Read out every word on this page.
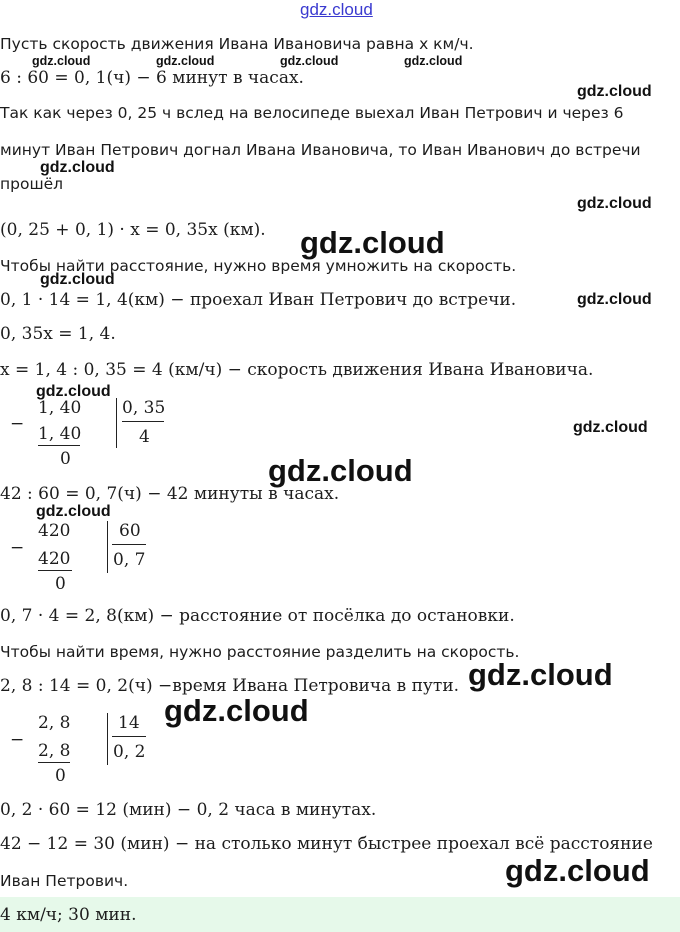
gdz.cloud
gdz.cloud	gdz.cloud	gdz.cloud	gdz.cloud
gdz.cloud
gdz.cloud
gdz.cloud
gdz.cloud
gdz.cloud
gdz.cloud
gdz.cloud
gdz.cloud
gdz.cloud
gdz.cloud
gdz.cloud
gdz.cloud
gdz.cloud
Пусть скорость движения Ивана Ивановича равна x км/ч.
6 : 60 = 0, 1(ч) − 6 минут в часах.
Так как через 0, 25 ч вслед на велосипеде выехал Иван Петрович и через 6
минут Иван Петрович догнал Ивана Ивановича, то Иван Иванович до встречи
прошёл
(0, 25 + 0, 1) · x = 0, 35x (км).
Чтобы найти расстояние, нужно время умножить на скорость.
0, 1 · 14 = 1, 4(км) − проехал Иван Петрович до встречи.
0, 35x = 1, 4.
x = 1, 4 : 0, 35 = 4 (км/ч) − скорость движения Ивана Ивановича.
−
1, 40
1, 40
0
0, 35
4
42 : 60 = 0, 7(ч) − 42 минуты в часах.
−
420
420
0
60
0, 7
0, 7 · 4 = 2, 8(км) − расстояние от посёлка до остановки.
Чтобы найти время, нужно расстояние разделить на скорость.
2, 8 : 14 = 0, 2(ч) −время Ивана Петровича в пути.
−
2, 8
2, 8
0
14
0, 2
0, 2 · 60 = 12 (мин) − 0, 2 часа в минутах.
42 − 12 = 30 (мин) − на столько минут быстрее проехал всё расстояние
Иван Петрович.
4 км/ч; 30 мин.
